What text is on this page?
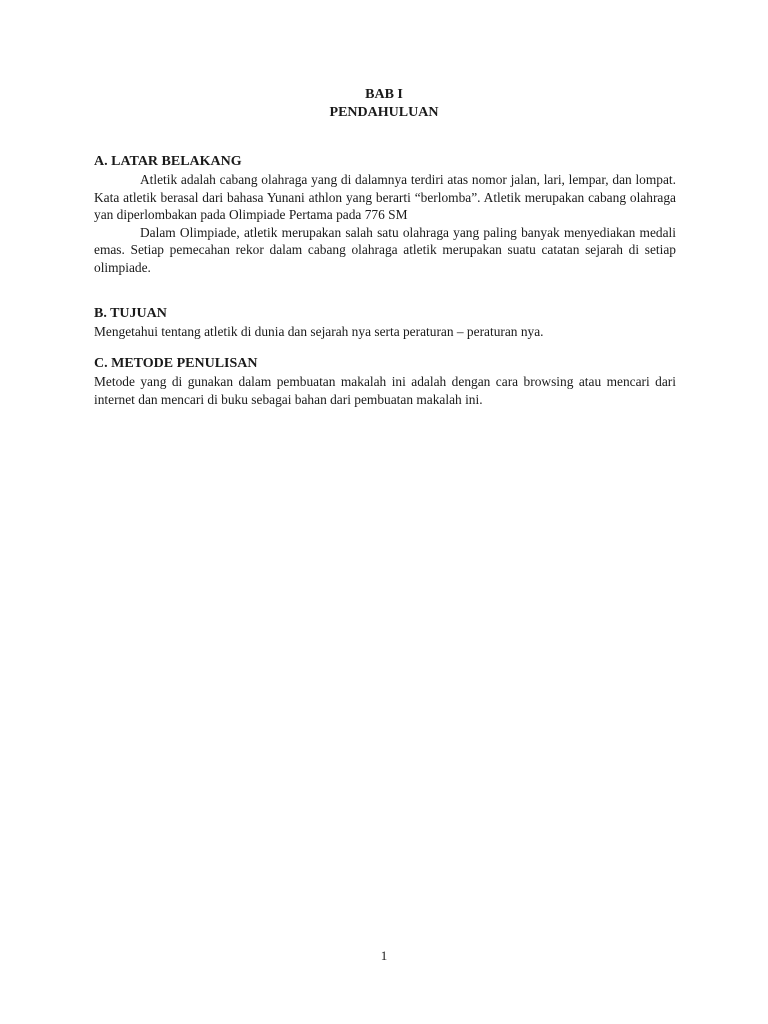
BAB I
PENDAHULUAN

A. LATAR BELAKANG

Atletik adalah cabang olahraga yang di dalamnya terdiri atas nomor jalan, lari, lempar, dan lompat. Kata atletik berasal dari bahasa Yunani athlon yang berarti “berlomba”. Atletik merupakan cabang olahraga yan diperlombakan pada Olimpiade Pertama pada 776 SM

Dalam Olimpiade, atletik merupakan salah satu olahraga yang paling banyak menyediakan medali emas. Setiap pemecahan rekor dalam cabang olahraga atletik merupakan suatu catatan sejarah di setiap olimpiade.

B. TUJUAN

Mengetahui tentang atletik di dunia dan sejarah nya serta peraturan – peraturan nya.

C. METODE PENULISAN

Metode yang di gunakan dalam pembuatan makalah ini adalah dengan cara browsing atau mencari dari internet dan mencari di buku sebagai bahan dari pembuatan makalah ini.

1
